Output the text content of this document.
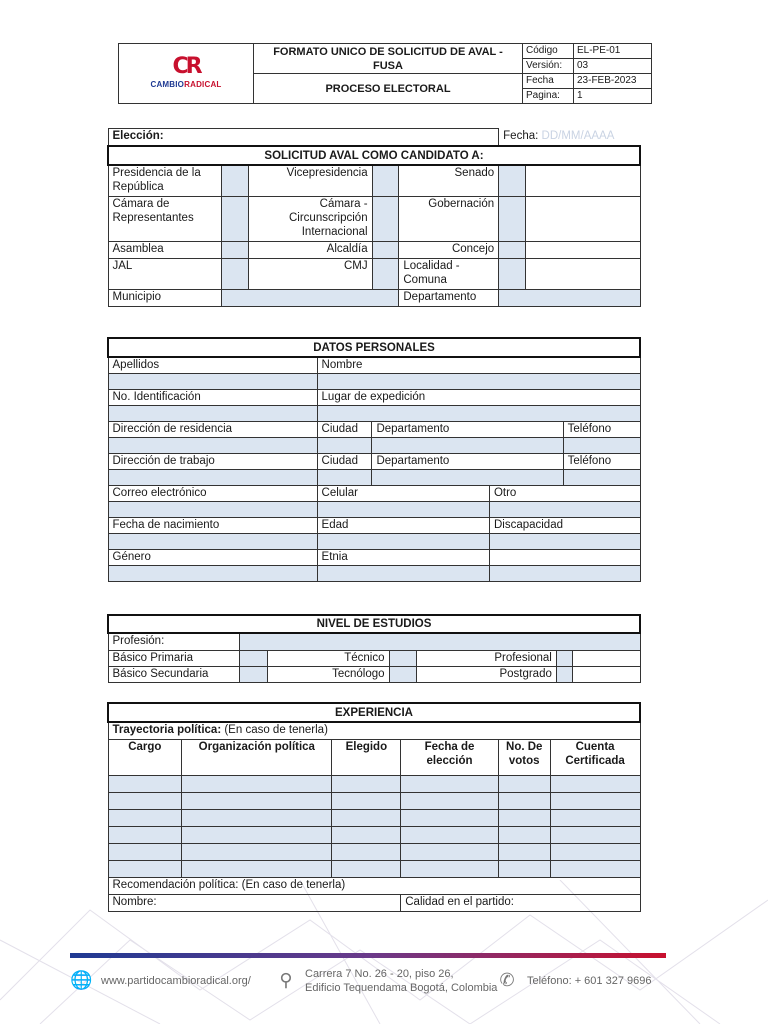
CR
CAMBIORADICAL	FORMATO UNICO DE SOLICITUD DE AVAL - FUSA	Código	EL-PE-01
		Versión:	03
	PROCESO ELECTORAL	Fecha	23-FEB-2023
		Pagina:	1
Elección:					Fecha: DD/MM/AAAA	
SOLICITUD AVAL COMO CANDIDATO A:						
Presidencia de la República		Vicepresidencia		Senado		
Cámara de Representantes		Cámara - Circunscripción Internacional		Gobernación		
Asamblea		Alcaldía		Concejo		
JAL		CMJ		Localidad - Comuna		
Municipio				Departamento		
DATOS PERSONALES				
Apellidos	Nombre			

No. Identificación	Lugar de expedición			

Dirección de residencia	Ciudad	Departamento		Teléfono

Dirección de trabajo	Ciudad	Departamento		Teléfono

Correo electrónico	Celular		Otro	

Fecha de nacimiento	Edad		Discapacidad	

Género	Etnia			

NIVEL DE ESTUDIOS						
Profesión:						
Básico Primaria		Técnico		Profesional		
Básico Secundaria		Tecnólogo		Postgrado		
EXPERIENCIA					
Trayectoria política: (En caso de tenerla)					
Cargo	Organización política	Elegido	Fecha de elección	No. De votos	Cuenta Certificada

Recomendación política: (En caso de tenerla)					
Nombre:			Calidad en el partido:		
🌐 www.partidocambioradical.org/ ⚲	Carrera 7 No. 26 - 20, piso 26,
Edificio Tequendama Bogotá, Colombia ✆ Teléfono: + 601 327 9696
